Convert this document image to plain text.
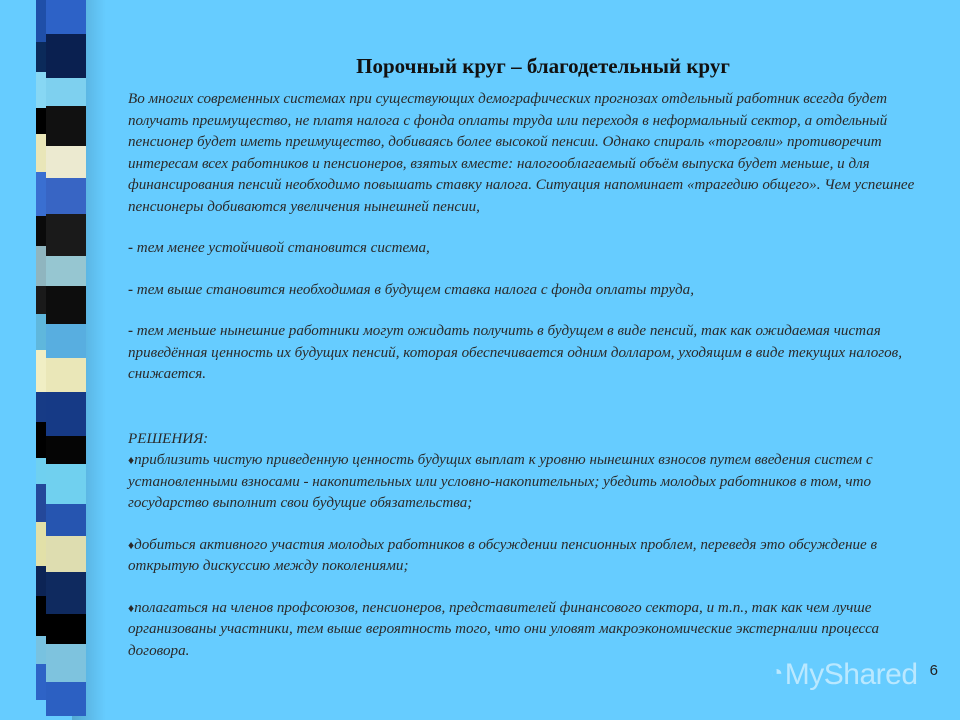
Порочный круг – благодетельный круг

Во многих современных системах при существующих демографических прогнозах отдельный работник всегда будет получать преимущество, не платя налога с фонда оплаты труда или переходя в неформальный сектор, а отдельный пенсионер будет иметь преимущество, добиваясь более высокой пенсии. Однако спираль «торговли» противоречит интересам всех работников и пенсионеров, взятых вместе: налогооблагаемый объём выпуска будет меньше, и для финансирования пенсий необходимо повышать ставку налога. Ситуация напоминает «трагедию общего». Чем успешнее пенсионеры добиваются увеличения нынешней пенсии,

- тем менее устойчивой становится система,

- тем выше становится необходимая в будущем ставка налога с фонда оплаты труда,

- тем меньше нынешние работники могут ожидать получить в будущем в виде пенсий, так как ожидаемая чистая приведённая ценность их будущих пенсий, которая обеспечивается одним долларом, уходящим в виде текущих налогов, снижается.

РЕШЕНИЯ:

♦приблизить чистую приведенную ценность будущих выплат к уровню нынешних взносов путем введения систем с установленными взносами - накопительных или условно-накопительных; убедить молодых работников в том, что государство выполнит свои будущие обязательства;

♦добиться активного участия молодых работников в обсуждении пенсионных проблем, переведя это обсуждение в открытую дискуссию между поколениями;

♦полагаться на членов профсоюзов, пенсионеров, представителей финансового сектора, и т.п., так как чем лучше организованы участники, тем выше вероятность того, что они уловят макроэкономические экстерналии процесса договора.

6
◔MyShared
